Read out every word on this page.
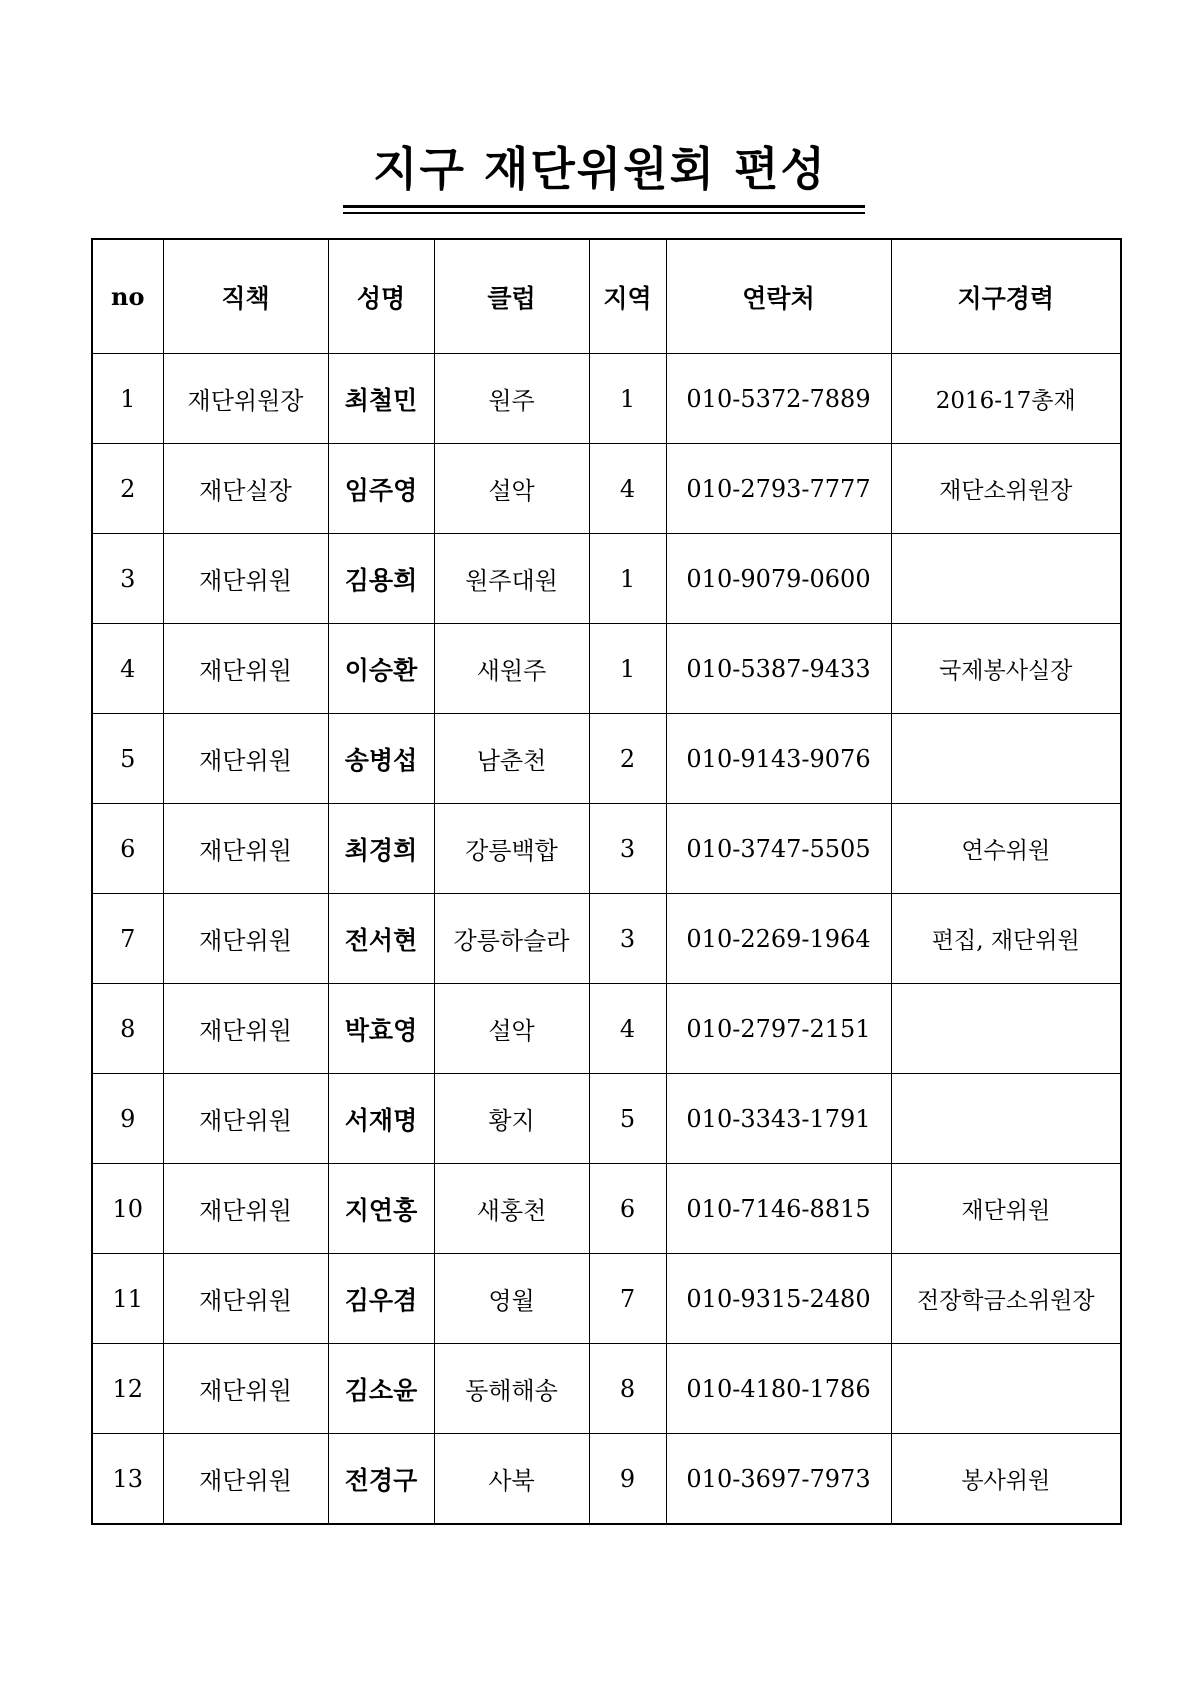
지구 재단위원회 편성
no	직책	성명	클럽	지역	연락처	지구경력
1	재단위원장	최철민	원주	1	010-5372-7889	2016-17총재
2	재단실장	임주영	설악	4	010-2793-7777	재단소위원장
3	재단위원	김용희	원주대원	1	010-9079-0600	
4	재단위원	이승환	새원주	1	010-5387-9433	국제봉사실장
5	재단위원	송병섭	남춘천	2	010-9143-9076	
6	재단위원	최경희	강릉백합	3	010-3747-5505	연수위원
7	재단위원	전서현	강릉하슬라	3	010-2269-1964	편집, 재단위원
8	재단위원	박효영	설악	4	010-2797-2151	
9	재단위원	서재명	황지	5	010-3343-1791	
10	재단위원	지연홍	새홍천	6	010-7146-8815	재단위원
11	재단위원	김우겸	영월	7	010-9315-2480	전장학금소위원장
12	재단위원	김소윤	동해해송	8	010-4180-1786	
13	재단위원	전경구	사북	9	010-3697-7973	봉사위원
